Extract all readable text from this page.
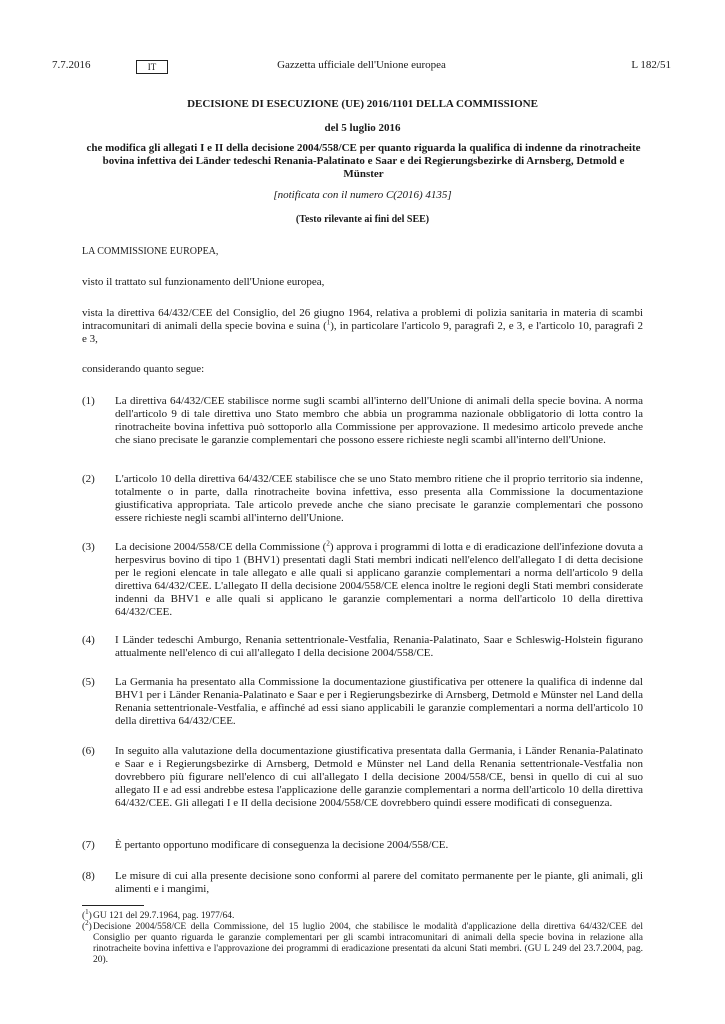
Gazzetta ufficiale dell'Unione europea
7.7.2016	IT	L 182/51
DECISIONE DI ESECUZIONE (UE) 2016/1101 DELLA COMMISSIONE
del 5 luglio 2016
che modifica gli allegati I e II della decisione 2004/558/CE per quanto riguarda la qualifica di indenne da rinotracheite bovina infettiva dei Länder tedeschi Renania-Palatinato e Saar e dei Regierungsbezirke di Arnsberg, Detmold e Münster
[notificata con il numero C(2016) 4135]
(Testo rilevante ai fini del SEE)
LA COMMISSIONE EUROPEA,
visto il trattato sul funzionamento dell'Unione europea,
vista la direttiva 64/432/CEE del Consiglio, del 26 giugno 1964, relativa a problemi di polizia sanitaria in materia di scambi intracomunitari di animali della specie bovina e suina ($^1$), in particolare l'articolo 9, paragrafi 2, e 3, e l'articolo 10, paragrafi 2 e 3,
considerando quanto segue:
(1) La direttiva 64/432/CEE stabilisce norme sugli scambi all'interno dell'Unione di animali della specie bovina. A norma dell'articolo 9 di tale direttiva uno Stato membro che abbia un programma nazionale obbligatorio di lotta contro la rinotracheite bovina infettiva può sottoporlo alla Commissione per approvazione. Il medesimo articolo prevede anche che siano precisate le garanzie complementari che possono essere richieste negli scambi all'interno dell'Unione.
(2) L'articolo 10 della direttiva 64/432/CEE stabilisce che se uno Stato membro ritiene che il proprio territorio sia indenne, totalmente o in parte, dalla rinotracheite bovina infettiva, esso presenta alla Commissione la documentazione giustificativa appropriata. Tale articolo prevede anche che siano precisate le garanzie complementari che possono essere richieste negli scambi all'interno dell'Unione.
(3) La decisione 2004/558/CE della Commissione ($^2$) approva i programmi di lotta e di eradicazione dell'infezione dovuta a herpesvirus bovino di tipo 1 (BHV1) presentati dagli Stati membri indicati nell'elenco dell'allegato I di detta decisione per le regioni elencate in tale allegato e alle quali si applicano garanzie complementari a norma dell'articolo 9 della direttiva 64/432/CEE. L'allegato II della decisione 2004/558/CE elenca inoltre le regioni degli Stati membri considerate indenni da BHV1 e alle quali si applicano le garanzie complementari a norma dell'articolo 10 della direttiva 64/432/CEE.
(4) I Länder tedeschi Amburgo, Renania settentrionale-Vestfalia, Renania-Palatinato, Saar e Schleswig-Holstein figurano attualmente nell'elenco di cui all'allegato I della decisione 2004/558/CE.
(5) La Germania ha presentato alla Commissione la documentazione giustificativa per ottenere la qualifica di indenne dal BHV1 per i Länder Renania-Palatinato e Saar e per i Regierungsbezirke di Arnsberg, Detmold e Münster nel Land della Renania settentrionale-Vestfalia, e affinché ad essi siano applicabili le garanzie complementari a norma dell'articolo 10 della direttiva 64/432/CEE.
(6) In seguito alla valutazione della documentazione giustificativa presentata dalla Germania, i Länder Renania-Palatinato e Saar e i Regierungsbezirke di Arnsberg, Detmold e Münster nel Land della Renania settentrionale-Vestfalia non dovrebbero più figurare nell'elenco di cui all'allegato I della decisione 2004/558/CE, bensì in quello di cui al suo allegato II e ad essi andrebbe estesa l'applicazione delle garanzie complementari a norma dell'articolo 10 della direttiva 64/432/CEE. Gli allegati I e II della decisione 2004/558/CE dovrebbero quindi essere modificati di conseguenza.
(7) È pertanto opportuno modificare di conseguenza la decisione 2004/558/CE.
(8) Le misure di cui alla presente decisione sono conformi al parere del comitato permanente per le piante, gli animali, gli alimenti e i mangimi,
($^1$) GU 121 del 29.7.1964, pag. 1977/64.
($^2$) Decisione 2004/558/CE della Commissione, del 15 luglio 2004, che stabilisce le modalità d'applicazione della direttiva 64/432/CEE del Consiglio per quanto riguarda le garanzie complementari per gli scambi intracomunitari di animali della specie bovina in relazione alla rinotracheite bovina infettiva e l'approvazione dei programmi di eradicazione presentati da alcuni Stati membri. (GU L 249 del 23.7.2004, pag. 20).
